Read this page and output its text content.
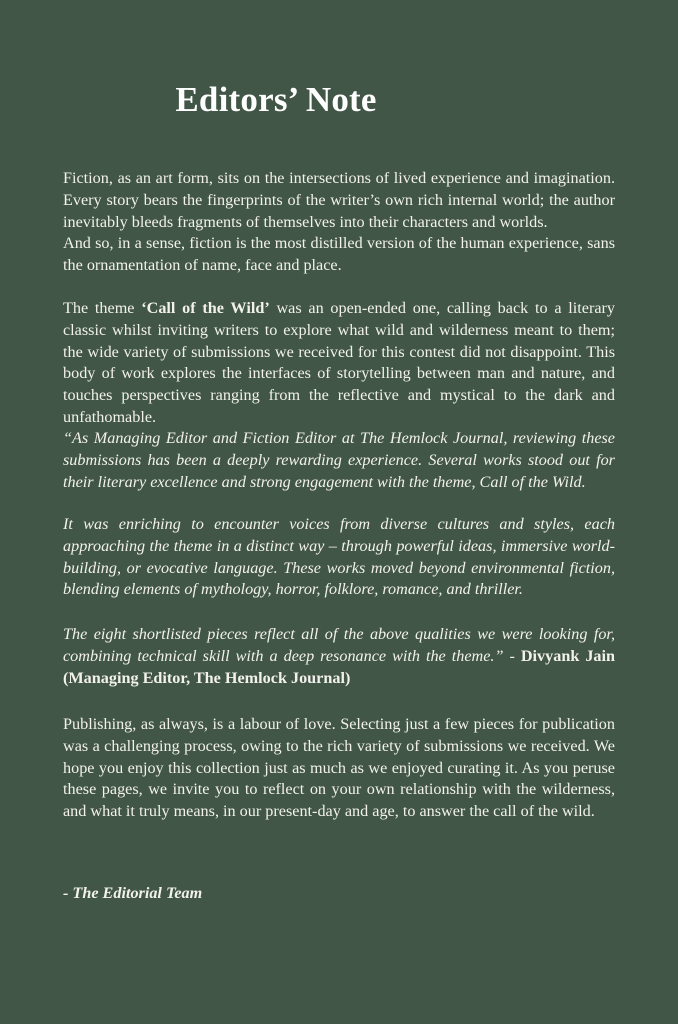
Editors’ Note

Fiction, as an art form, sits on the intersections of lived experience and imagination. Every story bears the fingerprints of the writer’s own rich internal world; the author inevitably bleeds fragments of themselves into their characters and worlds.
And so, in a sense, fiction is the most distilled version of the human experience, sans the ornamentation of name, face and place.

The theme ‘Call of the Wild’ was an open-ended one, calling back to a literary classic whilst inviting writers to explore what wild and wilderness meant to them; the wide variety of submissions we received for this contest did not disappoint. This body of work explores the interfaces of storytelling between man and nature, and touches perspectives ranging from the reflective and mystical to the dark and unfathomable.

“As Managing Editor and Fiction Editor at The Hemlock Journal, reviewing these submissions has been a deeply rewarding experience. Several works stood out for their literary excellence and strong engagement with the theme, Call of the Wild.

It was enriching to encounter voices from diverse cultures and styles, each approaching the theme in a distinct way – through powerful ideas, immersive world-building, or evocative language. These works moved beyond environmental fiction, blending elements of mythology, horror, folklore, romance, and thriller.

The eight shortlisted pieces reflect all of the above qualities we were looking for, combining technical skill with a deep resonance with the theme.” - Divyank Jain (Managing Editor, The Hemlock Journal)

Publishing, as always, is a labour of love. Selecting just a few pieces for publication was a challenging process, owing to the rich variety of submissions we received. We hope you enjoy this collection just as much as we enjoyed curating it. As you peruse these pages, we invite you to reflect on your own relationship with the wilderness, and what it truly means, in our present-day and age, to answer the call of the wild.

- The Editorial Team
